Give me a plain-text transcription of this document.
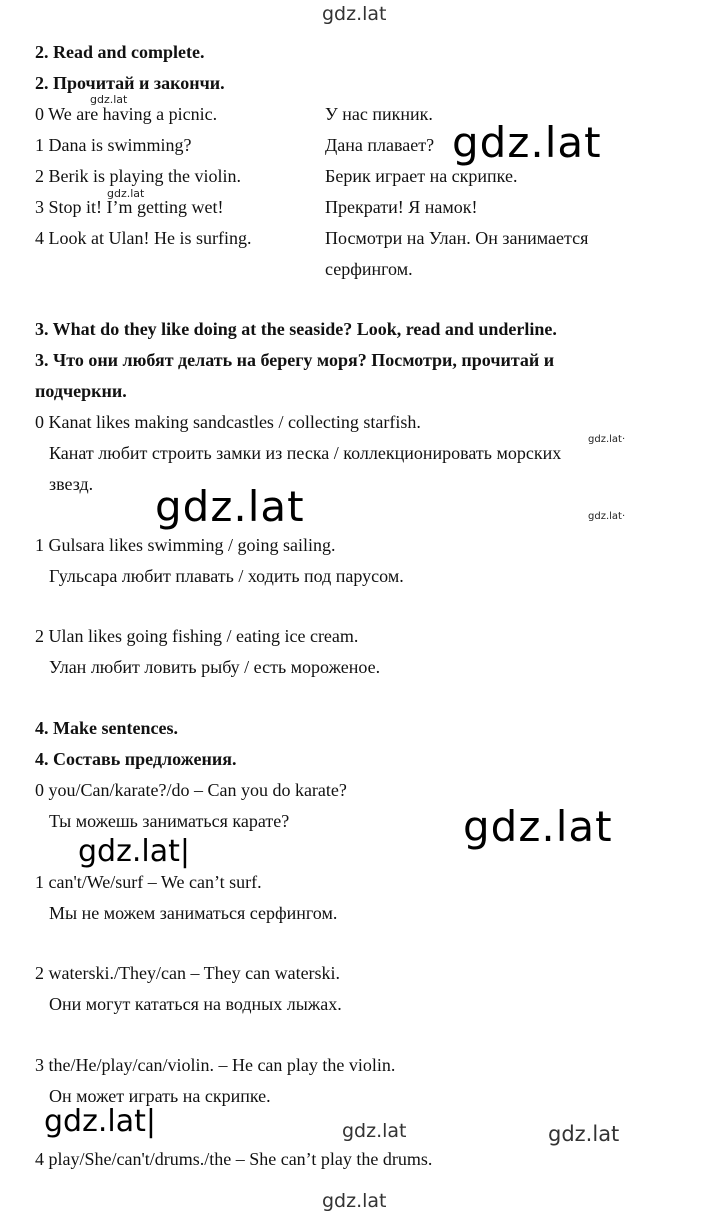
2. Read and complete.
2. Прочитай и закончи.
0 We are having a picnic.	У нас пикник.
1 Dana is swimming?	Дана плавает?
2 Berik is playing the violin.	Берик играет на скрипке.
3 Stop it! I’m getting wet!	Прекрати! Я намок!
4 Look at Ulan! He is surfing.	Посмотри на Улан. Он занимается
серфингом.
3. What do they like doing at the seaside? Look, read and underline.
3. Что они любят делать на берегу моря? Посмотри, прочитай и
подчеркни.
0 Kanat likes making sandcastles / collecting starfish.
Канат любит строить замки из песка / коллекционировать морских
звезд.
1 Gulsara likes swimming / going sailing.
Гульсара любит плавать / ходить под парусом.
2 Ulan likes going fishing / eating ice cream.
Улан любит ловить рыбу / есть мороженое.
4. Make sentences.
4. Составь предложения.
0 you/Can/karate?/do – Can you do karate?
Ты можешь заниматься карате?
1 can't/We/surf – We can’t surf.
Мы не можем заниматься серфингом.
2 waterski./They/can – They can waterski.
Они могут кататься на водных лыжах.
3 the/He/play/can/violin. – He can play the violin.
Он может играть на скрипке.
4 play/She/can't/drums./the – She can’t play the drums.
gdz.lat
gdz.lat
gdz.lat
gdz.lat
gdz.lat·
gdz.lat	gdz.lat·
gdz.lat
gdz.lat|
gdz.lat|	gdz.lat	gdz.lat
gdz.lat
